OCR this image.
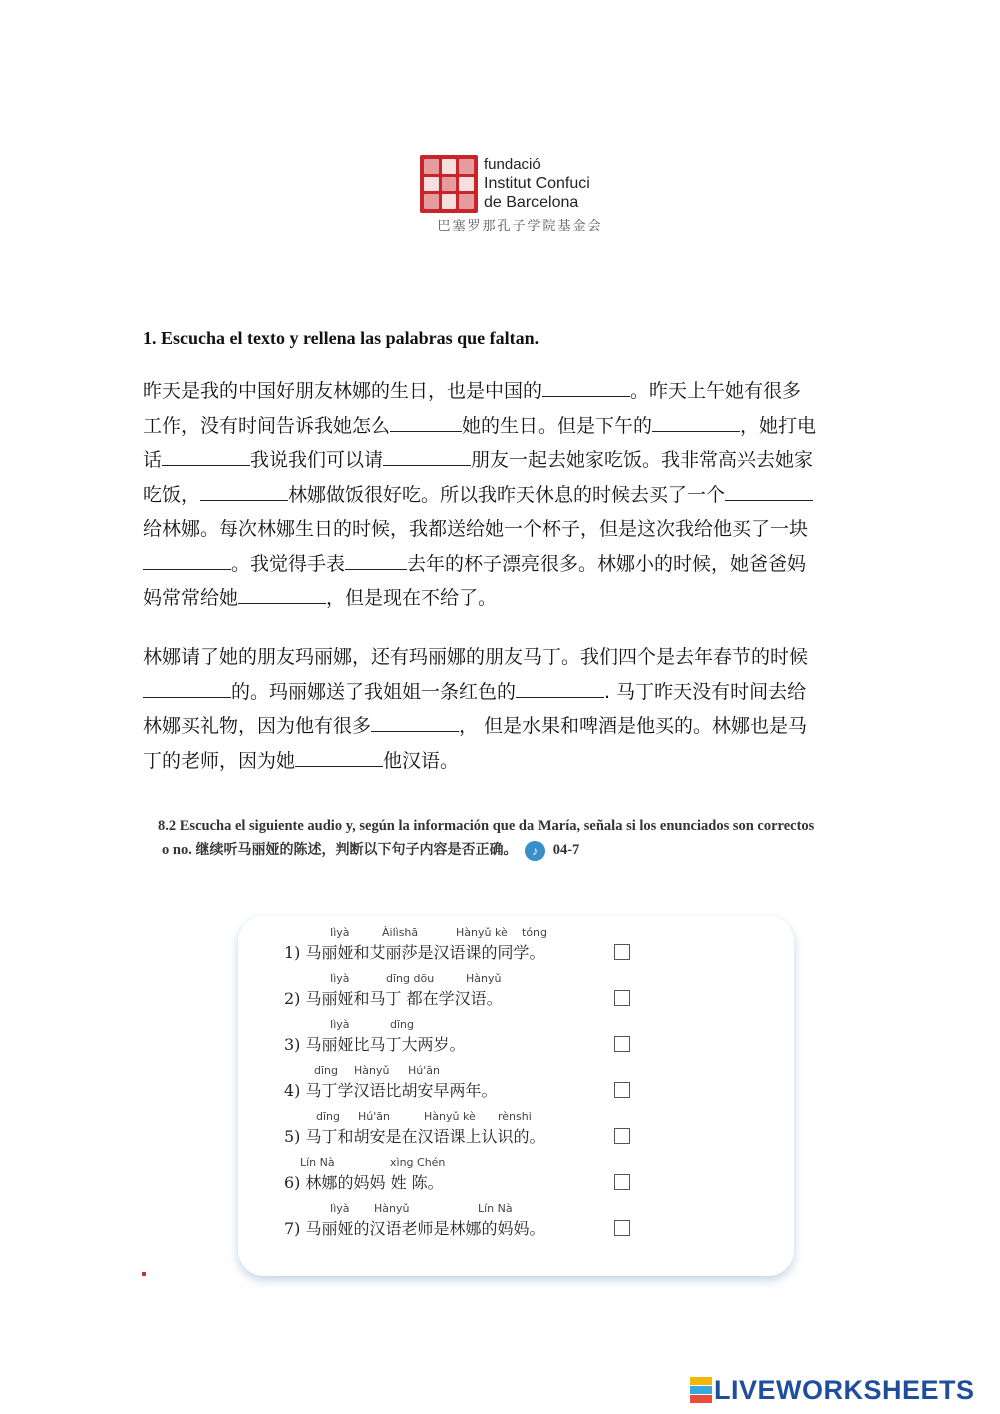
fundació
Institut Confuci
de Barcelona
巴塞罗那孔子学院基金会
1. Escucha el texto y rellena las palabras que faltan.
昨天是我的中国好朋友林娜的生日，也是中国的	。昨天上午她有很多
工作，没有时间告诉我她怎么	她的生日。但是下午的	，她打电
话	我说我们可以请	朋友一起去她家吃饭。我非常高兴去她家
吃饭，	林娜做饭很好吃。所以我昨天休息的时候去买了一个
给林娜。每次林娜生日的时候，我都送给她一个杯子，但是这次我给他买了一块
。我觉得手表	去年的杯子漂亮很多。林娜小的时候，她爸爸妈
妈常常给她	，但是现在不给了。
林娜请了她的朋友玛丽娜，还有玛丽娜的朋友马丁。我们四个是去年春节的时候
的。玛丽娜送了我姐姐一条红色的	. 马丁昨天没有时间去给
林娜买礼物，因为他有很多	， 但是水果和啤酒是他买的。林娜也是马
丁的老师，因为她	他汉语。
8.2 Escucha el siguiente audio y, según la información que da María, señala si los enunciados son correctos
o no. 继续听马丽娅的陈述，判断以下句子内容是否正确。 ♪ 04-7
Iìyà	Àilìshā	Hànyǔ kè tóng
1) 马丽娅和艾丽莎是汉语课的同学。
Iìyà	dīng dōu	Hànyǔ
2) 马丽娅和马丁 都在学汉语。
Iìyà	dīng
3) 马丽娅比马丁大两岁。
dīng Hànyǔ Hú'ān
4) 马丁学汉语比胡安早两年。
dīng Hú'ān	Hànyǔ kè rènshi
5) 马丁和胡安是在汉语课上认识的。
Lín Nà	xìng Chén
6) 林娜的妈妈 姓 陈。
Iìyà Hànyǔ	Lín Nà
7) 马丽娅的汉语老师是林娜的妈妈。
LIVEWORKSHEETS
